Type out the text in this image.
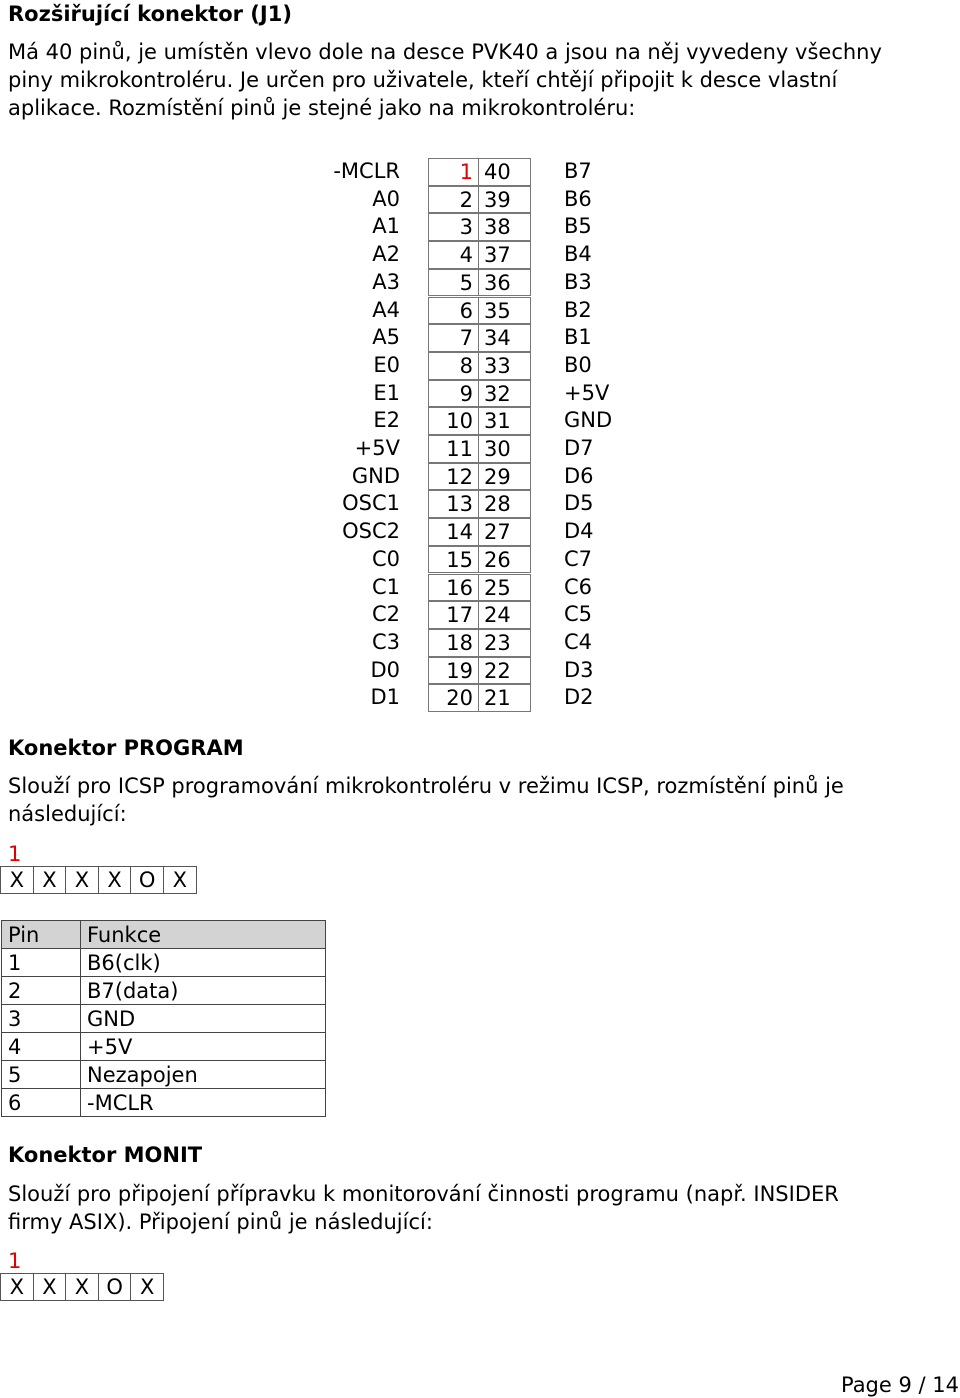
Rozšiřující konektor (J1)

Má 40 pinů, je umístěn vlevo dole na desce PVK40 a jsou na něj vyvedeny všechny

piny mikrokontroléru. Je určen pro uživatele, kteří chtějí připojit k desce vlastní

aplikace. Rozmístění pinů je stejné jako na mikrokontroléru:

-MCLR	1 40	B7
A0	2 39	B6
A1	3 38	B5
A2	4 37	B4
A3	5 36	B3
A4	6 35	B2
A5	7 34	B1
E0	8 33	B0
E1	9 32	+5V
E2	10 31	GND
+5V	11 30	D7
GND	12 29	D6
OSC1	13 28	D5
OSC2	14 27	D4
C0	15 26	C7
C1	16 25	C6
C2	17 24	C5
C3	18 23	C4
D0	19 22	D3
D1	20 21	D2
Konektor PROGRAM

Slouží pro ICSP programování mikrokontroléru v režimu ICSP, rozmístění pinů je

následující:

1

X X X X O X
Pin	Funkce
1	B6(clk)
2	B7(data)
3	GND
4	+5V
5	Nezapojen
6	-MCLR
Konektor MONIT

Slouží pro připojení přípravku k monitorování činnosti programu (např. INSIDER

firmy ASIX). Připojení pinů je následující:

1

X X X O X

Page 9 / 14
